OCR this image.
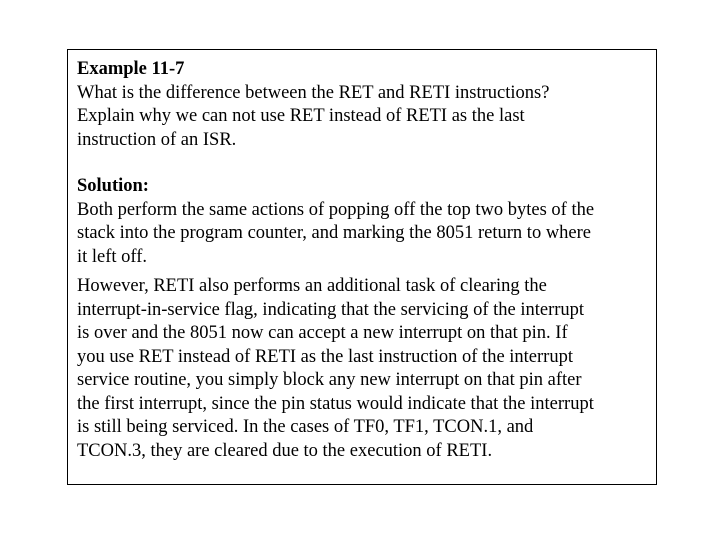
Example 11-7

What is the difference between the RET and RETI instructions?
Explain why we can not use RET instead of RETI as the last
instruction of an ISR.

Solution:

Both perform the same actions of popping off the top two bytes of the
stack into the program counter, and marking the 8051 return to where
it left off.

However, RETI also performs an additional task of clearing the
interrupt-in-service flag, indicating that the servicing of the interrupt
is over and the 8051 now can accept a new interrupt on that pin. If
you use RET instead of RETI as the last instruction of the interrupt
service routine, you simply block any new interrupt on that pin after
the first interrupt, since the pin status would indicate that the interrupt
is still being serviced. In the cases of TF0, TF1, TCON.1, and
TCON.3, they are cleared due to the execution of RETI.
